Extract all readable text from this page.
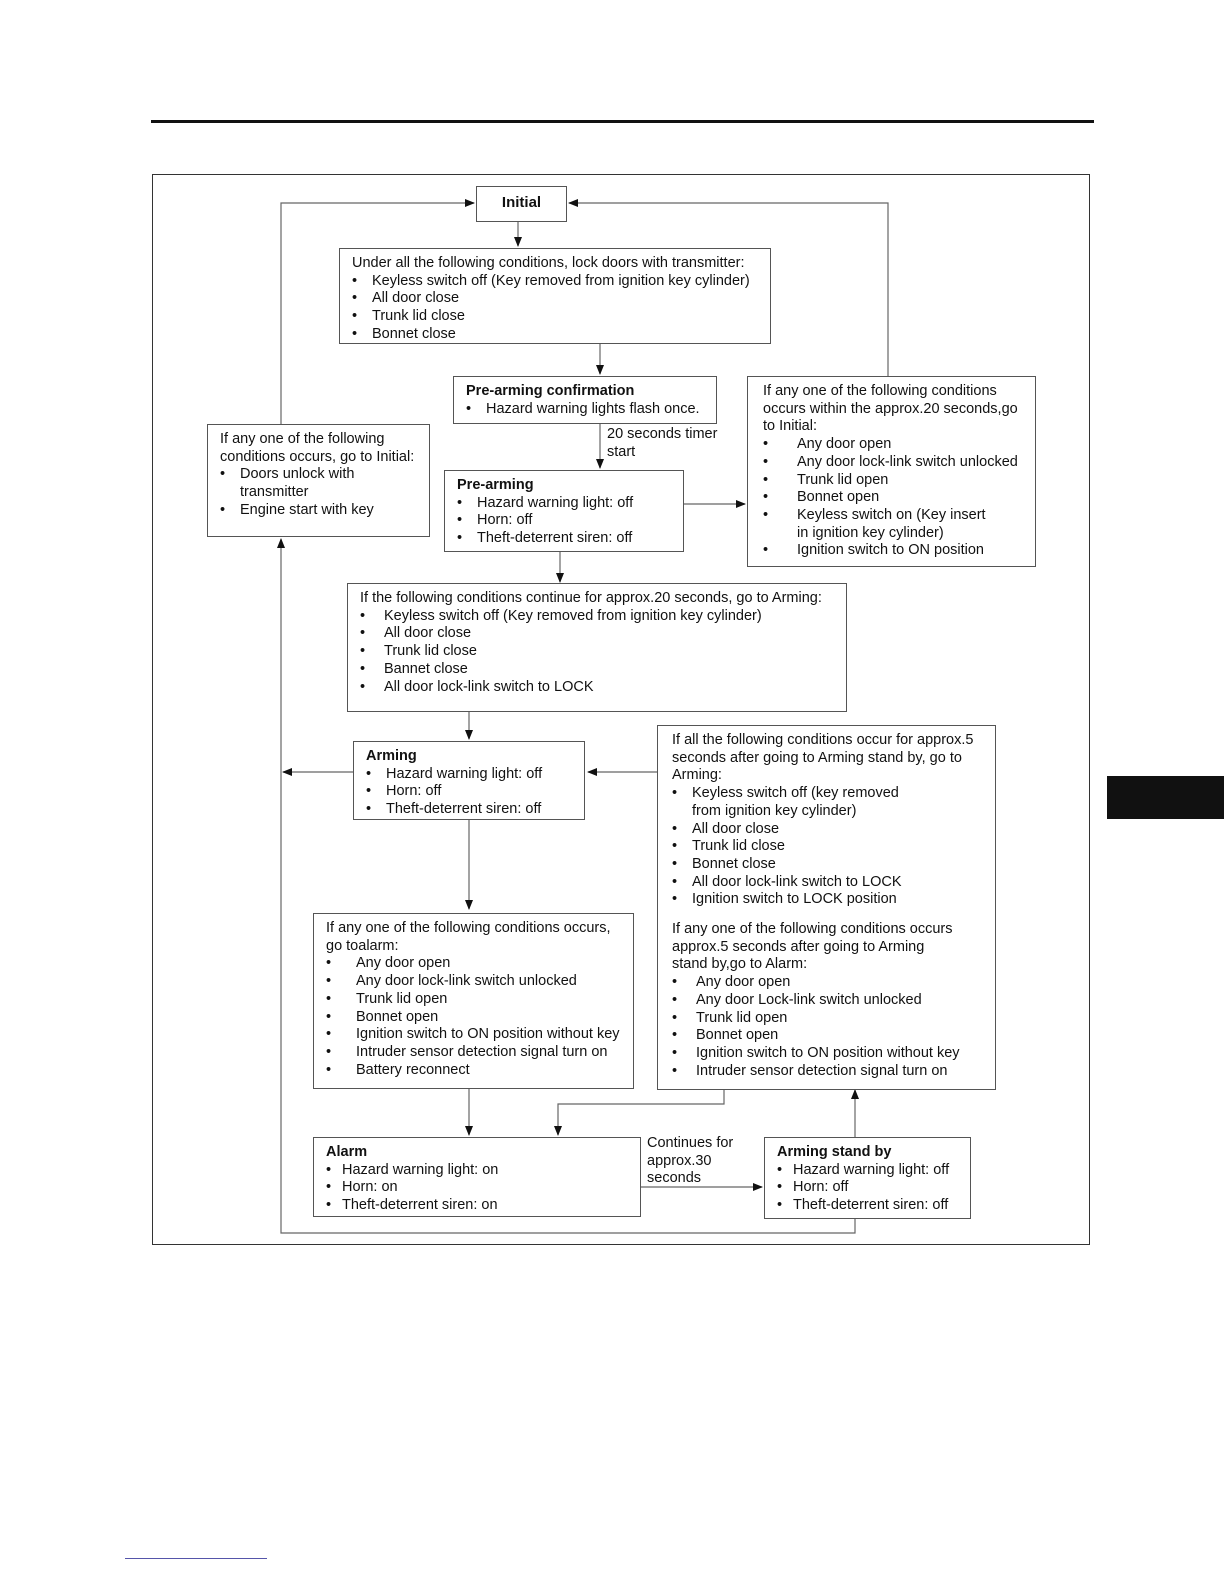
Initial
Under all the following conditions, lock doors with transmitter:
• Keyless switch off (Key removed from ignition key cylinder)
• All door close
• Trunk lid close
• Bonnet close
Pre-arming confirmation
• Hazard warning lights flash once.
20 seconds timer
start
If any one of the following
conditions occurs, go to Initial:
• Doors unlock with transmitter
• Engine start with key
Pre-arming
• Hazard warning light: off
• Horn: off
• Theft-deterrent siren: off
If any one of the following conditions
occurs within the approx.20 seconds,go
to Initial:
• Any door open
• Any door lock-link switch unlocked
• Trunk lid open
• Bonnet open
• Keyless switch on (Key insert in ignition key cylinder)
• Ignition switch to ON position
If the following conditions continue for approx.20 seconds, go to Arming:
• Keyless switch off (Key removed from ignition key cylinder)
• All door close
• Trunk lid close
• Bannet close
• All door lock-link switch to LOCK
Arming
• Hazard warning light: off
• Horn: off
• Theft-deterrent siren: off
If all the following conditions occur for approx.5
seconds after going to Arming stand by, go to
Arming:
• Keyless switch off (key removed from ignition key cylinder)
• All door close
• Trunk lid close
• Bonnet close
• All door lock-link switch to LOCK
• Ignition switch to LOCK position
If any one of the following conditions occurs
approx.5 seconds after going to Arming
stand by,go to Alarm:
• Any door open
• Any door Lock-link switch unlocked
• Trunk lid open
• Bonnet open
• Ignition switch to ON position without key
• Intruder sensor detection signal turn on
If any one of the following conditions occurs,
go toalarm:
• Any door open
• Any door lock-link switch unlocked
• Trunk lid open
• Bonnet open
• Ignition switch to ON position without key
• Intruder sensor detection signal turn on
• Battery reconnect
Alarm
• Hazard warning light: on
• Horn: on
• Theft-deterrent siren: on
Continues for
approx.30
seconds
Arming stand by
• Hazard warning light: off
• Horn: off
• Theft-deterrent siren: off
